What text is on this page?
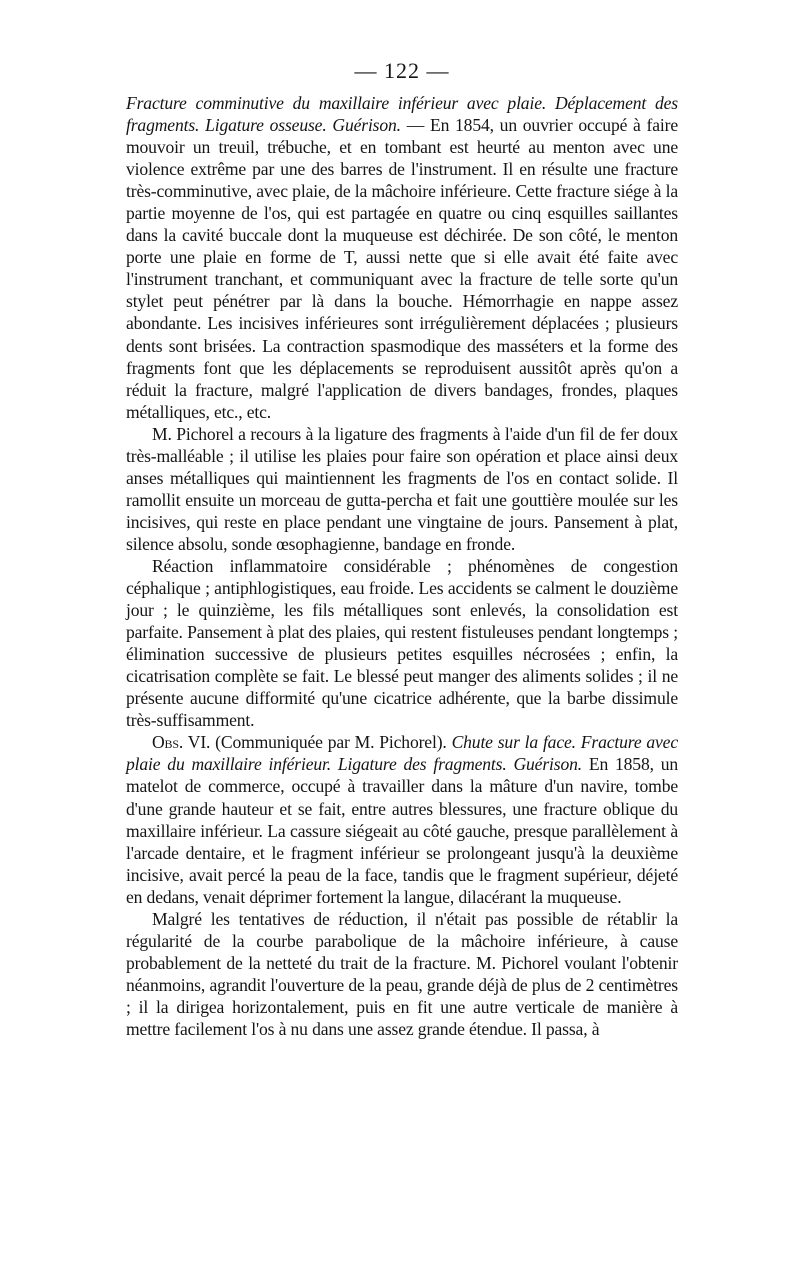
— 122 —

Fracture comminutive du maxillaire inférieur avec plaie. Déplacement des fragments. Ligature osseuse. Guérison. — En 1854, un ouvrier occupé à faire mouvoir un treuil, trébuche, et en tombant est heurté au menton avec une violence extrême par une des barres de l'instrument. Il en résulte une fracture très-comminutive, avec plaie, de la mâchoire inférieure. Cette fracture siége à la partie moyenne de l'os, qui est partagée en quatre ou cinq esquilles saillantes dans la cavité buccale dont la muqueuse est déchirée. De son côté, le menton porte une plaie en forme de T, aussi nette que si elle avait été faite avec l'instrument tranchant, et communiquant avec la fracture de telle sorte qu'un stylet peut pénétrer par là dans la bouche. Hémorrhagie en nappe assez abondante. Les incisives inférieures sont irrégulièrement déplacées ; plusieurs dents sont brisées. La contraction spasmodique des masséters et la forme des fragments font que les déplacements se reproduisent aussitôt après qu'on a réduit la fracture, malgré l'application de divers bandages, frondes, plaques métalliques, etc., etc.

M. Pichorel a recours à la ligature des fragments à l'aide d'un fil de fer doux très-malléable ; il utilise les plaies pour faire son opération et place ainsi deux anses métalliques qui maintiennent les fragments de l'os en contact solide. Il ramollit ensuite un morceau de gutta-percha et fait une gouttière moulée sur les incisives, qui reste en place pendant une vingtaine de jours. Pansement à plat, silence absolu, sonde œsophagienne, bandage en fronde.

Réaction inflammatoire considérable ; phénomènes de congestion céphalique ; antiphlogistiques, eau froide. Les accidents se calment le douzième jour ; le quinzième, les fils métalliques sont enlevés, la consolidation est parfaite. Pansement à plat des plaies, qui restent fistuleuses pendant longtemps ; élimination successive de plusieurs petites esquilles nécrosées ; enfin, la cicatrisation complète se fait. Le blessé peut manger des aliments solides ; il ne présente aucune difformité qu'une cicatrice adhérente, que la barbe dissimule très-suffisamment.

Obs. VI. (Communiquée par M. Pichorel). Chute sur la face. Fracture avec plaie du maxillaire inférieur. Ligature des fragments. Guérison. En 1858, un matelot de commerce, occupé à travailler dans la mâture d'un navire, tombe d'une grande hauteur et se fait, entre autres blessures, une fracture oblique du maxillaire inférieur. La cassure siégeait au côté gauche, presque parallèlement à l'arcade dentaire, et le fragment inférieur se prolongeant jusqu'à la deuxième incisive, avait percé la peau de la face, tandis que le fragment supérieur, déjeté en dedans, venait déprimer fortement la langue, dilacérant la muqueuse.

Malgré les tentatives de réduction, il n'était pas possible de rétablir la régularité de la courbe parabolique de la mâchoire inférieure, à cause probablement de la netteté du trait de la fracture. M. Pichorel voulant l'obtenir néanmoins, agrandit l'ouverture de la peau, grande déjà de plus de 2 centimètres ; il la dirigea horizontalement, puis en fit une autre verticale de manière à mettre facilement l'os à nu dans une assez grande étendue. Il passa, à
